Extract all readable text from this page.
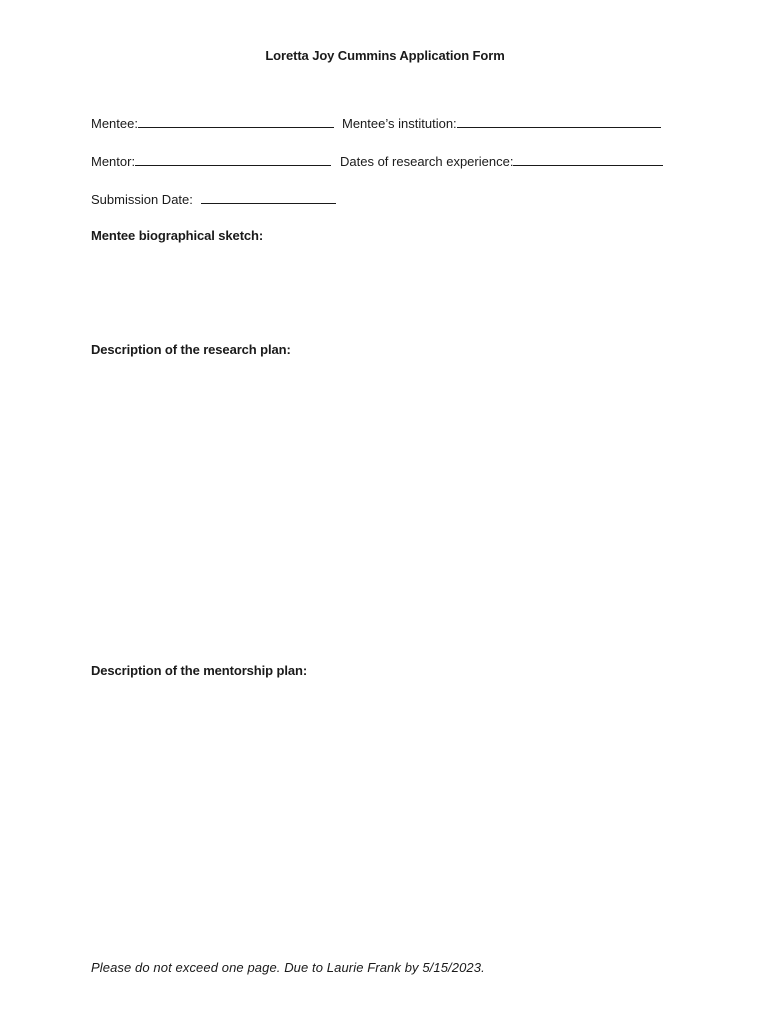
Loretta Joy Cummins Application Form
Mentee:	Mentee’s institution:
Mentor:	Dates of research experience:
Submission Date:
Mentee biographical sketch:
Description of the research plan:
Description of the mentorship plan:
Please do not exceed one page. Due to Laurie Frank by 5/15/2023.
